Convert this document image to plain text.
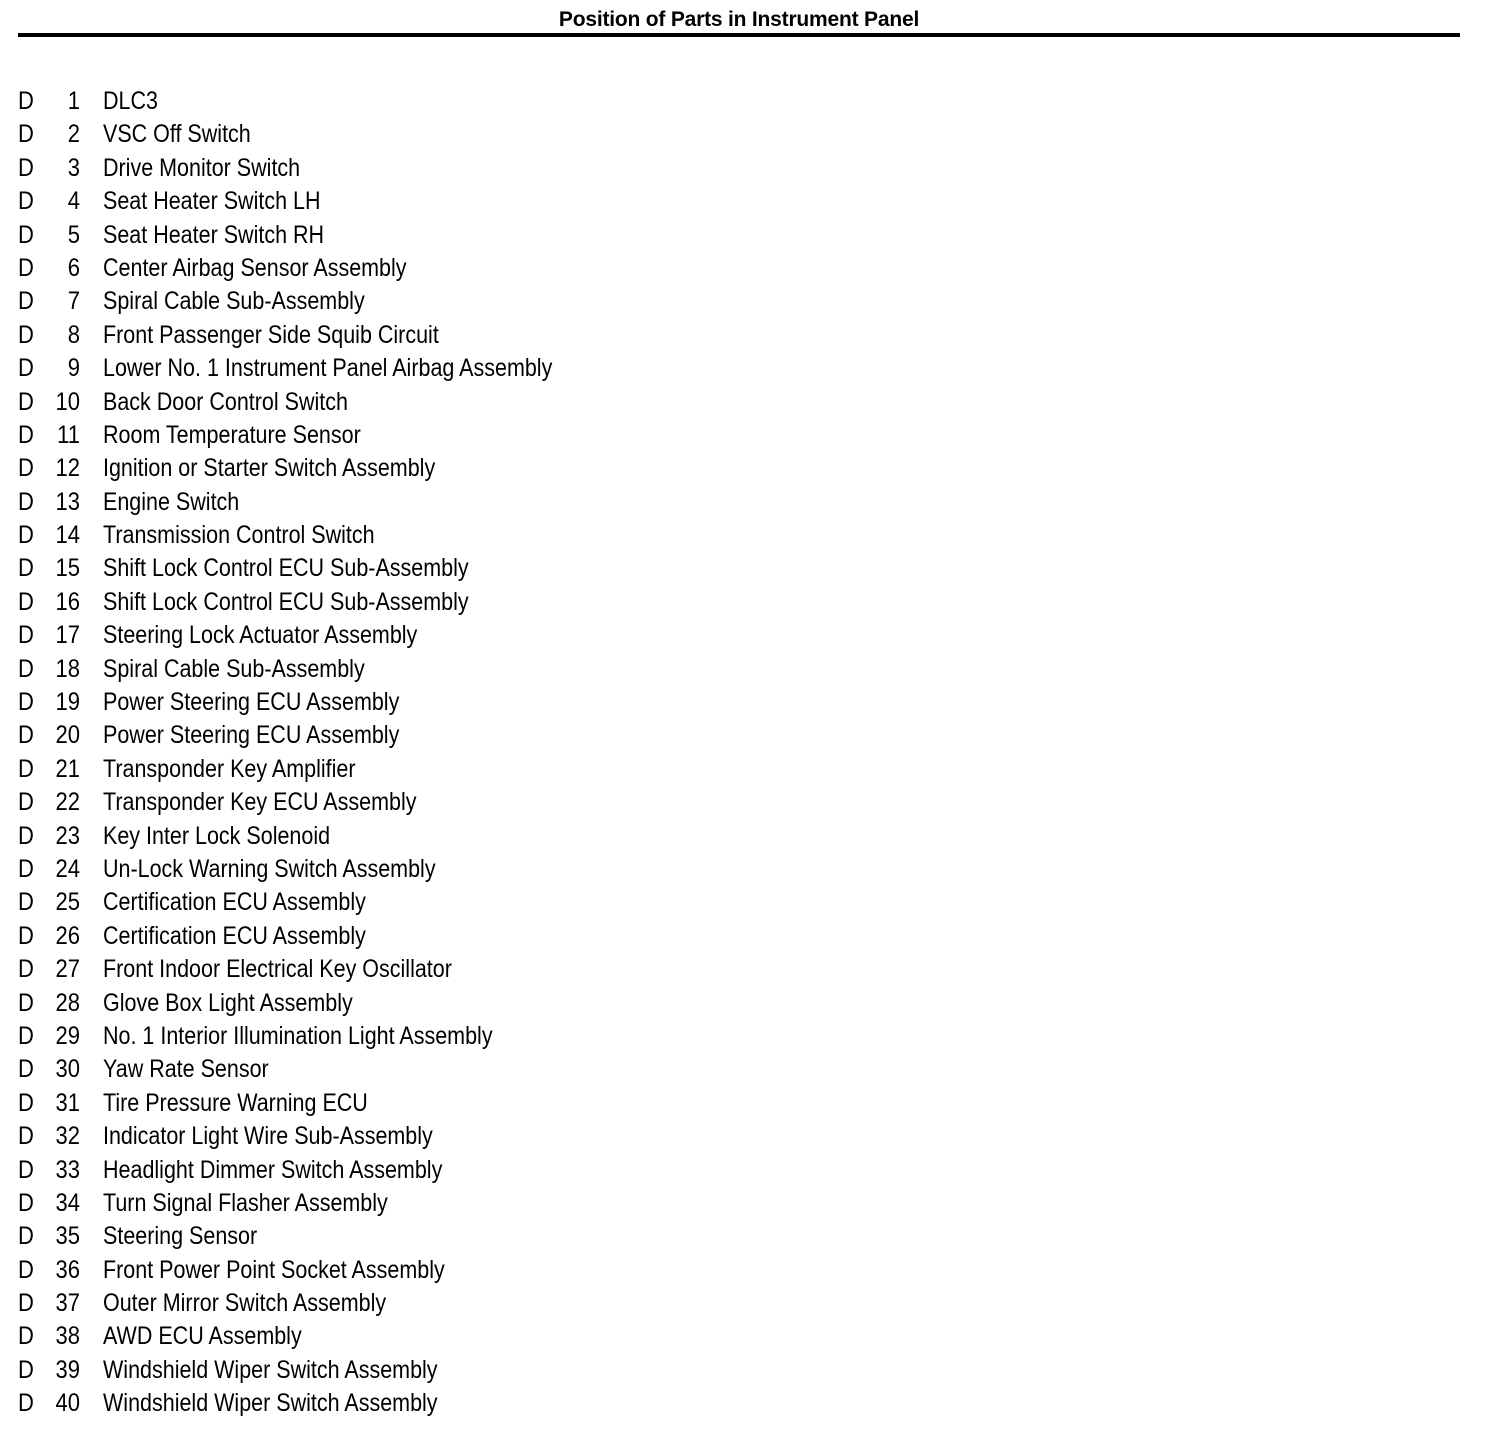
Position of Parts in Instrument Panel
D	1 DLC3
D	2 VSC Off Switch
D	3 Drive Monitor Switch
D	4 Seat Heater Switch LH
D	5 Seat Heater Switch RH
D	6 Center Airbag Sensor Assembly
D	7 Spiral Cable Sub-Assembly
D	8 Front Passenger Side Squib Circuit
D	9 Lower No. 1 Instrument Panel Airbag Assembly
D 10 Back Door Control Switch
D 11 Room Temperature Sensor
D 12 Ignition or Starter Switch Assembly
D 13 Engine Switch
D 14 Transmission Control Switch
D 15 Shift Lock Control ECU Sub-Assembly
D 16 Shift Lock Control ECU Sub-Assembly
D 17 Steering Lock Actuator Assembly
D 18 Spiral Cable Sub-Assembly
D 19 Power Steering ECU Assembly
D 20 Power Steering ECU Assembly
D 21 Transponder Key Amplifier
D 22 Transponder Key ECU Assembly
D 23 Key Inter Lock Solenoid
D 24 Un-Lock Warning Switch Assembly
D 25 Certification ECU Assembly
D 26 Certification ECU Assembly
D 27 Front Indoor Electrical Key Oscillator
D 28 Glove Box Light Assembly
D 29 No. 1 Interior Illumination Light Assembly
D 30 Yaw Rate Sensor
D 31 Tire Pressure Warning ECU
D 32 Indicator Light Wire Sub-Assembly
D 33 Headlight Dimmer Switch Assembly
D 34 Turn Signal Flasher Assembly
D 35 Steering Sensor
D 36 Front Power Point Socket Assembly
D 37 Outer Mirror Switch Assembly
D 38 AWD ECU Assembly
D 39 Windshield Wiper Switch Assembly
D 40 Windshield Wiper Switch Assembly
